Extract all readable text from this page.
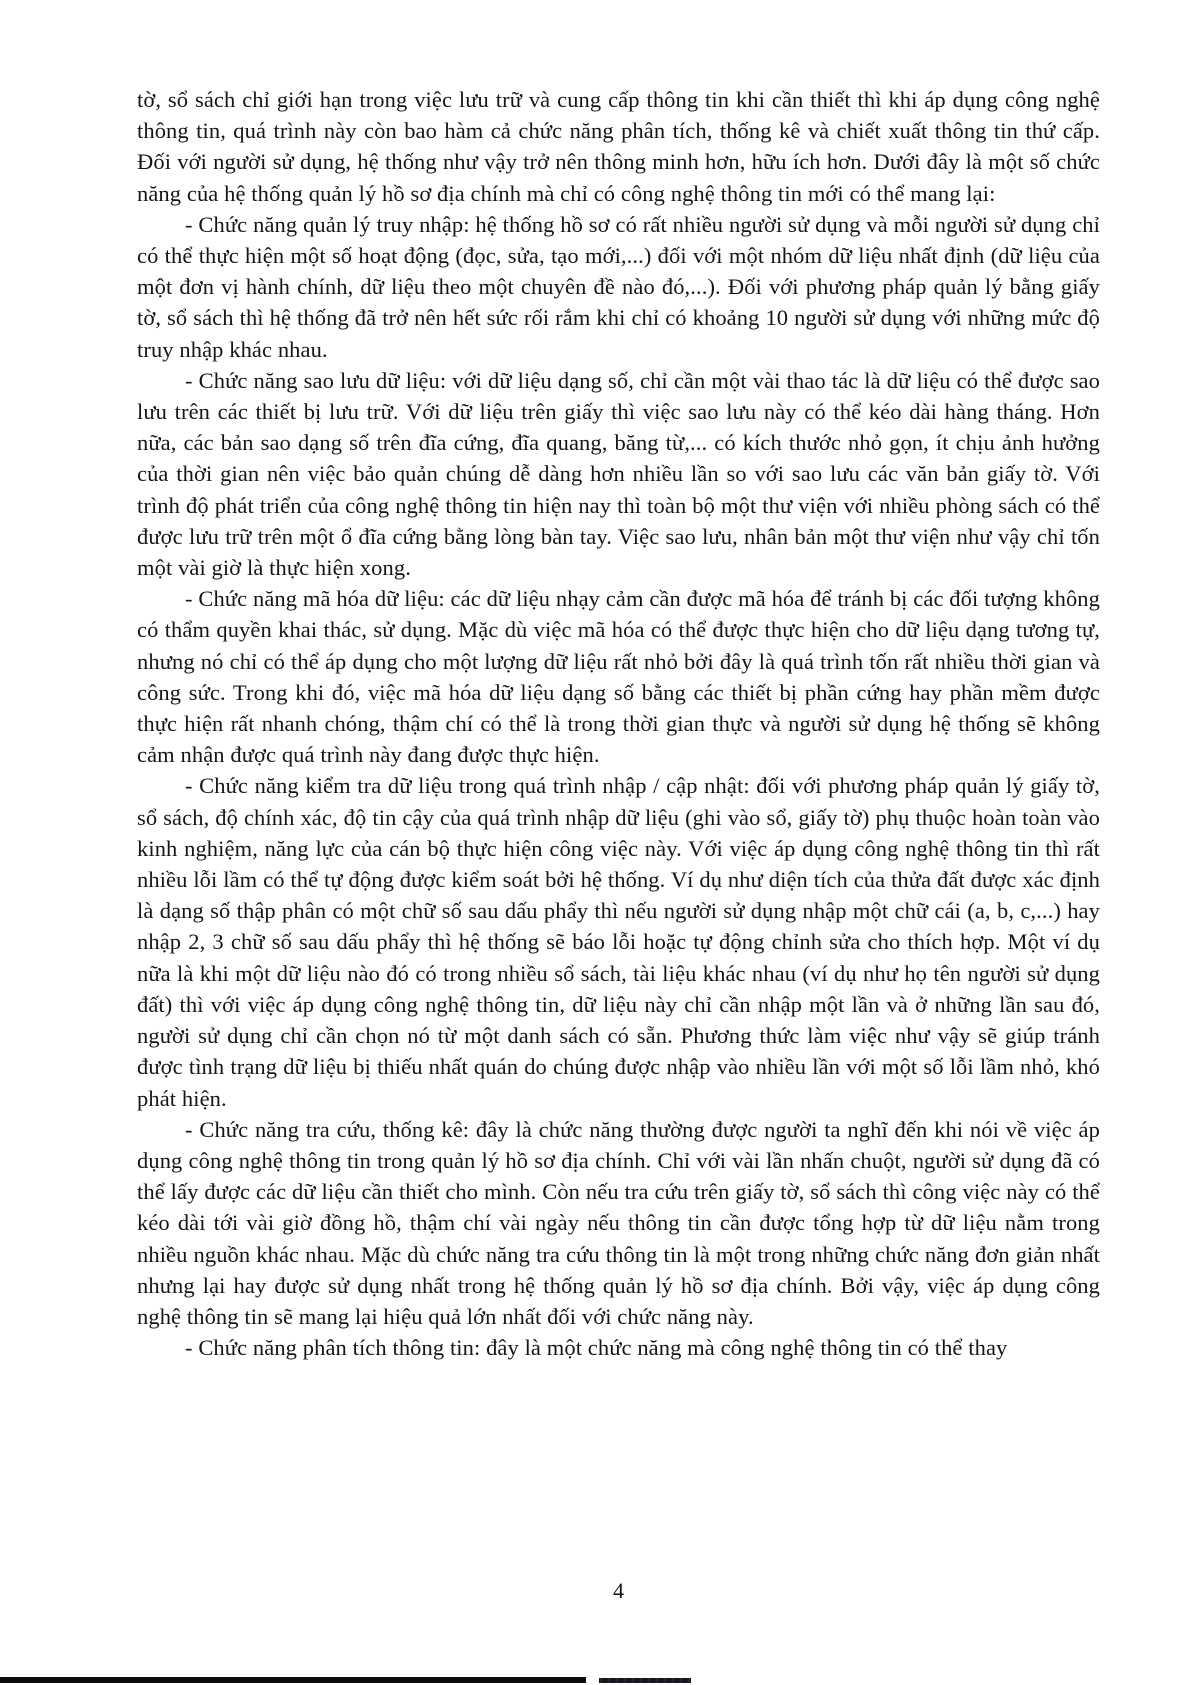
tờ, sổ sách chỉ giới hạn trong việc lưu trữ và cung cấp thông tin khi cần thiết thì khi áp dụng công nghệ thông tin, quá trình này còn bao hàm cả chức năng phân tích, thống kê và chiết xuất thông tin thứ cấp. Đối với người sử dụng, hệ thống như vậy trở nên thông minh hơn, hữu ích hơn. Dưới đây là một số chức năng của hệ thống quản lý hồ sơ địa chính mà chỉ có công nghệ thông tin mới có thể mang lại:

- Chức năng quản lý truy nhập: hệ thống hồ sơ có rất nhiều người sử dụng và mỗi người sử dụng chỉ có thể thực hiện một số hoạt động (đọc, sửa, tạo mới,...) đối với một nhóm dữ liệu nhất định (dữ liệu của một đơn vị hành chính, dữ liệu theo một chuyên đề nào đó,...). Đối với phương pháp quản lý bằng giấy tờ, sổ sách thì hệ thống đã trở nên hết sức rối rắm khi chỉ có khoảng 10 người sử dụng với những mức độ truy nhập khác nhau.

- Chức năng sao lưu dữ liệu: với dữ liệu dạng số, chỉ cần một vài thao tác là dữ liệu có thể được sao lưu trên các thiết bị lưu trữ. Với dữ liệu trên giấy thì việc sao lưu này có thể kéo dài hàng tháng. Hơn nữa, các bản sao dạng số trên đĩa cứng, đĩa quang, băng từ,... có kích thước nhỏ gọn, ít chịu ảnh hưởng của thời gian nên việc bảo quản chúng dễ dàng hơn nhiều lần so với sao lưu các văn bản giấy tờ. Với trình độ phát triển của công nghệ thông tin hiện nay thì toàn bộ một thư viện với nhiều phòng sách có thể được lưu trữ trên một ổ đĩa cứng bằng lòng bàn tay. Việc sao lưu, nhân bản một thư viện như vậy chỉ tốn một vài giờ là thực hiện xong.

- Chức năng mã hóa dữ liệu: các dữ liệu nhạy cảm cần được mã hóa để tránh bị các đối tượng không có thẩm quyền khai thác, sử dụng. Mặc dù việc mã hóa có thể được thực hiện cho dữ liệu dạng tương tự, nhưng nó chỉ có thể áp dụng cho một lượng dữ liệu rất nhỏ bởi đây là quá trình tốn rất nhiều thời gian và công sức. Trong khi đó, việc mã hóa dữ liệu dạng số bằng các thiết bị phần cứng hay phần mềm được thực hiện rất nhanh chóng, thậm chí có thể là trong thời gian thực và người sử dụng hệ thống sẽ không cảm nhận được quá trình này đang được thực hiện.

- Chức năng kiểm tra dữ liệu trong quá trình nhập / cập nhật: đối với phương pháp quản lý giấy tờ, sổ sách, độ chính xác, độ tin cậy của quá trình nhập dữ liệu (ghi vào sổ, giấy tờ) phụ thuộc hoàn toàn vào kinh nghiệm, năng lực của cán bộ thực hiện công việc này. Với việc áp dụng công nghệ thông tin thì rất nhiều lỗi lầm có thể tự động được kiểm soát bởi hệ thống. Ví dụ như diện tích của thửa đất được xác định là dạng số thập phân có một chữ số sau dấu phẩy thì nếu người sử dụng nhập một chữ cái (a, b, c,...) hay nhập 2, 3 chữ số sau dấu phẩy thì hệ thống sẽ báo lỗi hoặc tự động chỉnh sửa cho thích hợp. Một ví dụ nữa là khi một dữ liệu nào đó có trong nhiều sổ sách, tài liệu khác nhau (ví dụ như họ tên người sử dụng đất) thì với việc áp dụng công nghệ thông tin, dữ liệu này chỉ cần nhập một lần và ở những lần sau đó, người sử dụng chỉ cần chọn nó từ một danh sách có sẵn. Phương thức làm việc như vậy sẽ giúp tránh được tình trạng dữ liệu bị thiếu nhất quán do chúng được nhập vào nhiều lần với một số lỗi lầm nhỏ, khó phát hiện.

- Chức năng tra cứu, thống kê: đây là chức năng thường được người ta nghĩ đến khi nói về việc áp dụng công nghệ thông tin trong quản lý hồ sơ địa chính. Chỉ với vài lần nhấn chuột, người sử dụng đã có thể lấy được các dữ liệu cần thiết cho mình. Còn nếu tra cứu trên giấy tờ, sổ sách thì công việc này có thể kéo dài tới vài giờ đồng hồ, thậm chí vài ngày nếu thông tin cần được tổng hợp từ dữ liệu nằm trong nhiều nguồn khác nhau. Mặc dù chức năng tra cứu thông tin là một trong những chức năng đơn giản nhất nhưng lại hay được sử dụng nhất trong hệ thống quản lý hồ sơ địa chính. Bởi vậy, việc áp dụng công nghệ thông tin sẽ mang lại hiệu quả lớn nhất đối với chức năng này.

- Chức năng phân tích thông tin: đây là một chức năng mà công nghệ thông tin có thể thay

4
